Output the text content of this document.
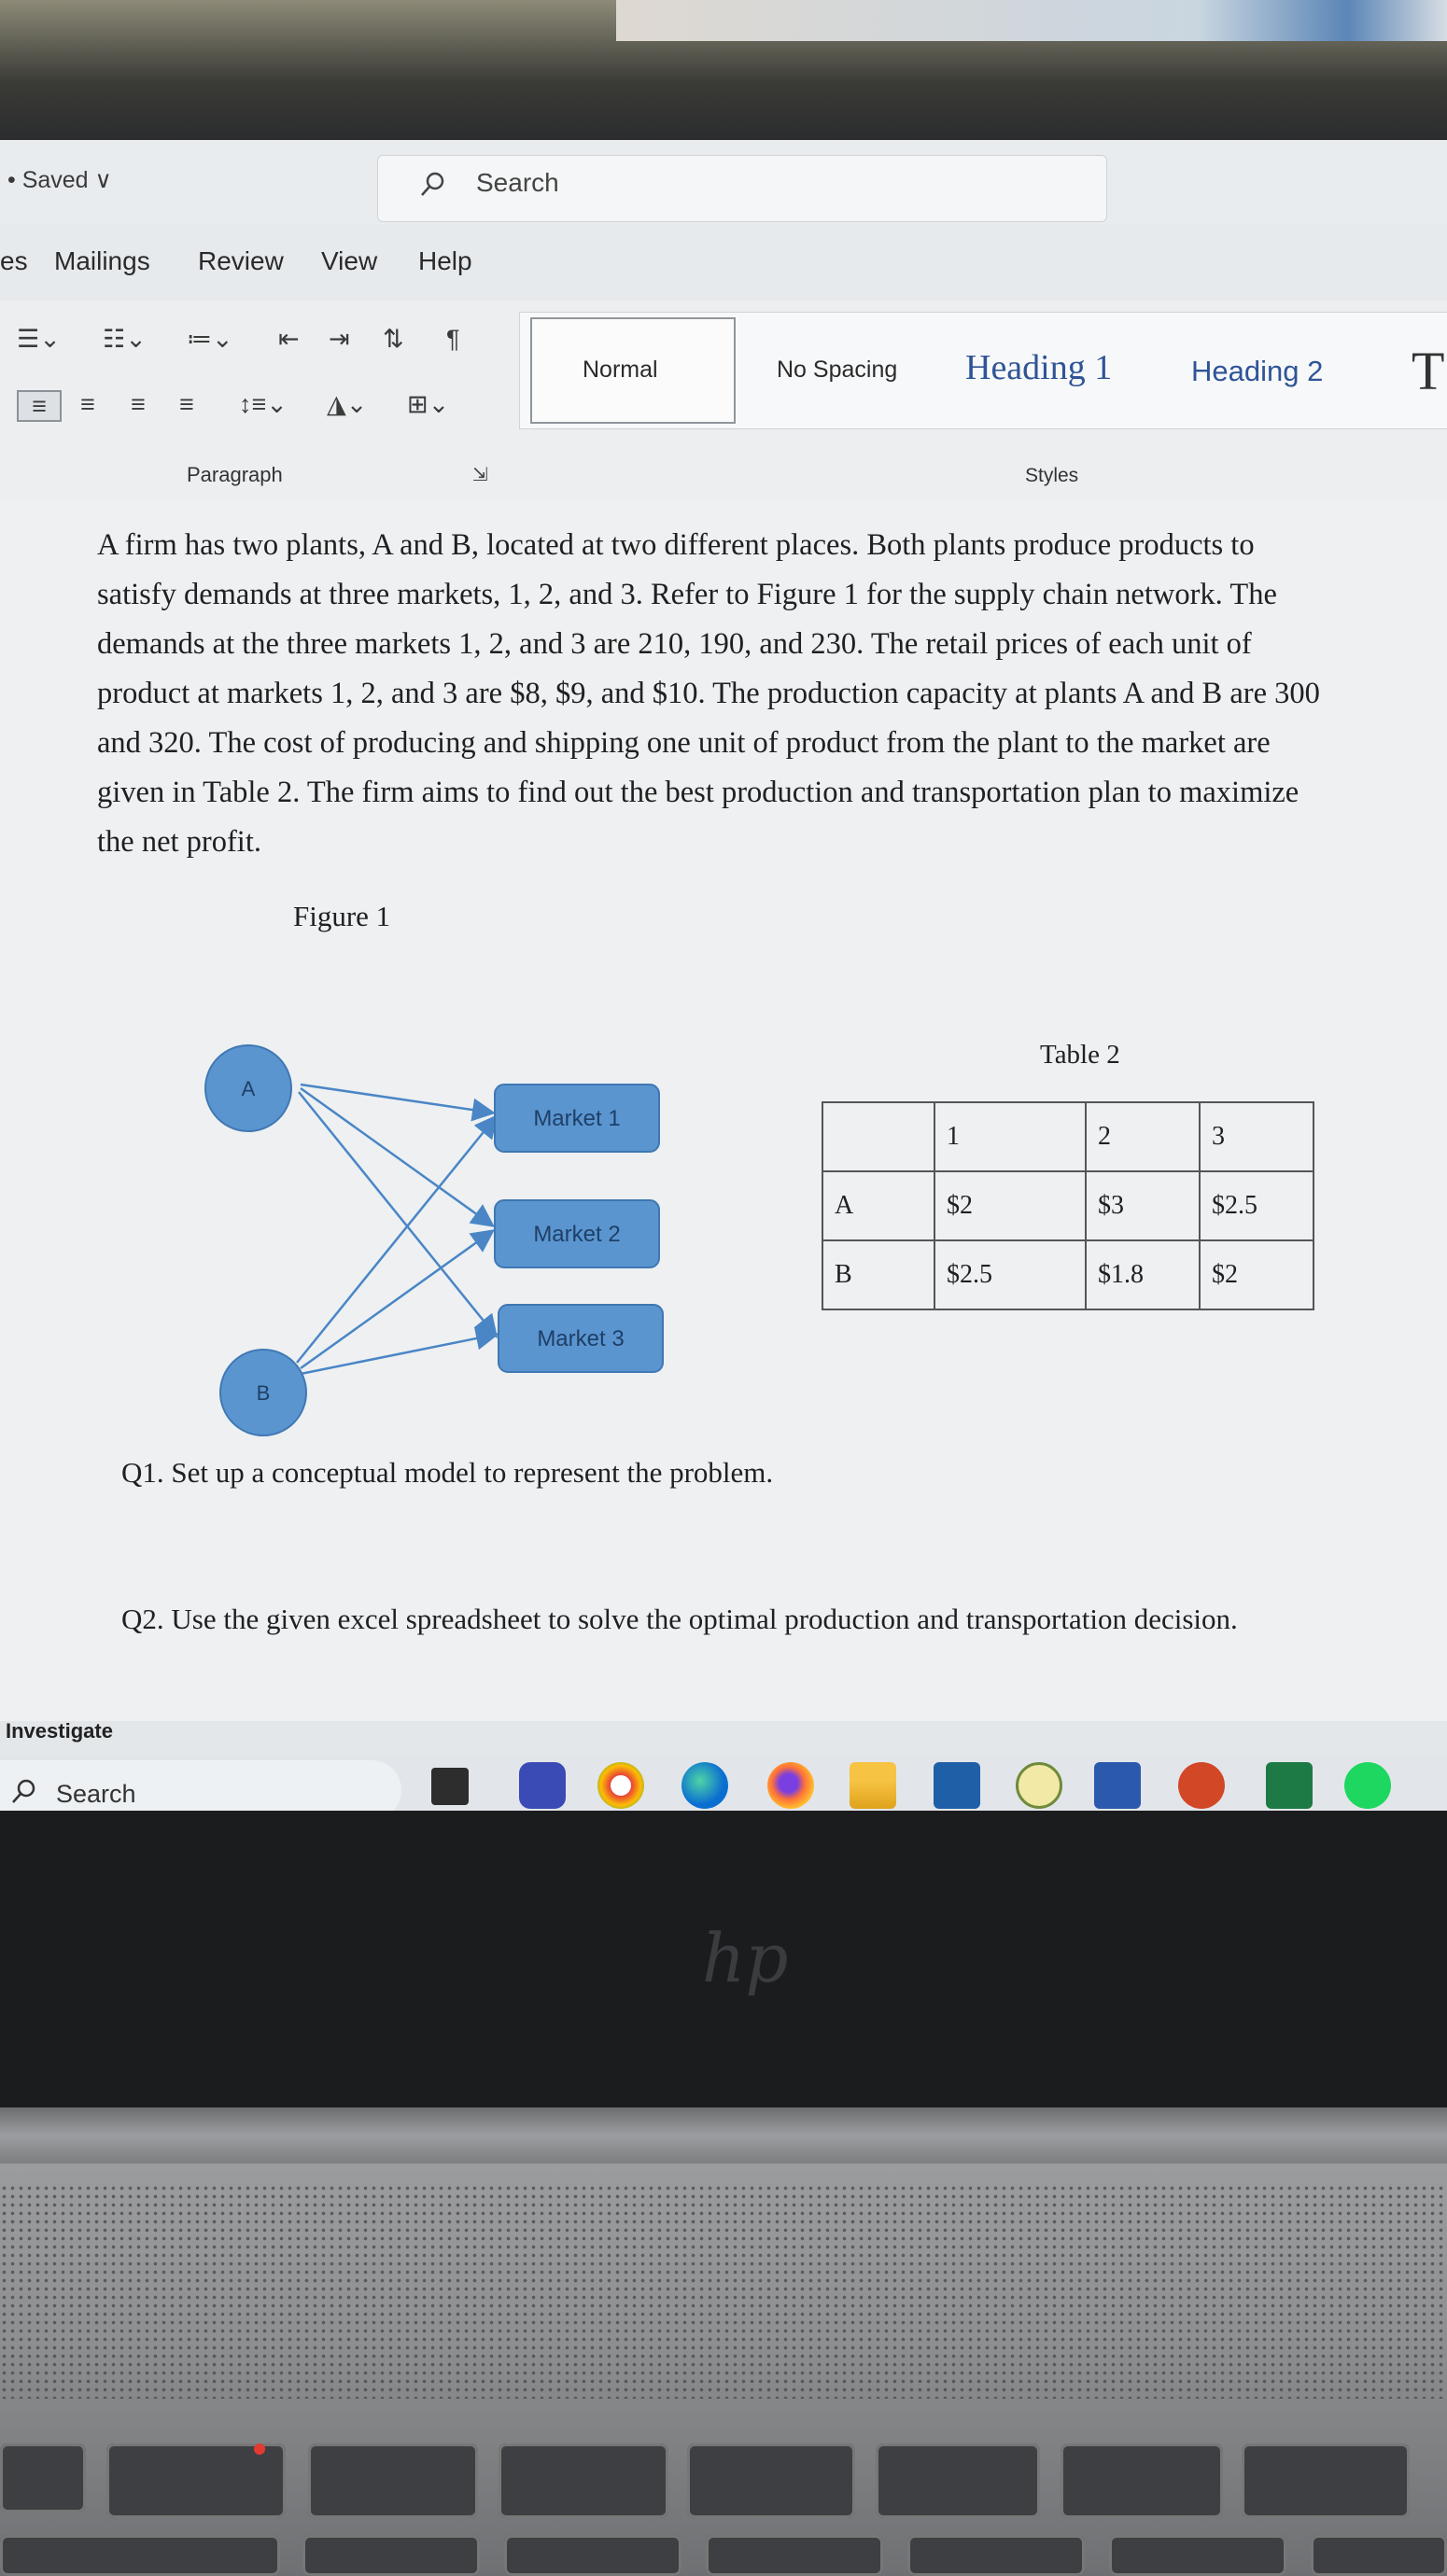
• Saved ∨	Search
es Mailings Review View Help
☰⌄ ☷⌄ ≔⌄ ⇤ ⇥ ⇅ ¶
≡	≡ ≡ ≡ ↕≡⌄ ◮⌄ ⊞⌄
Paragraph	⇲
Normal	No Spacing Heading 1	Heading 2 T
Styles
A firm has two plants, A and B, located at two different places. Both plants produce products to satisfy demands at three markets, 1, 2, and 3. Refer to Figure 1 for the supply chain network. The demands at the three markets 1, 2, and 3 are 210, 190, and 230. The retail prices of each unit of product at markets 1, 2, and 3 are $8, $9, and $10. The production capacity at plants A and B are 300 and 320. The cost of producing and shipping one unit of product from the plant to the market are given in Table 2. The firm aims to find out the best production and transportation plan to maximize the net profit.
Figure 1
A
B
Market 1
Market 2
Market 3
Table 2
	1	2	3
A	$2	$3	$2.5
B	$2.5	$1.8	$2
Q1. Set up a conceptual model to represent the problem.
Q2. Use the given excel spreadsheet to solve the optimal production and transportation decision.
Investigate
Search
hp
